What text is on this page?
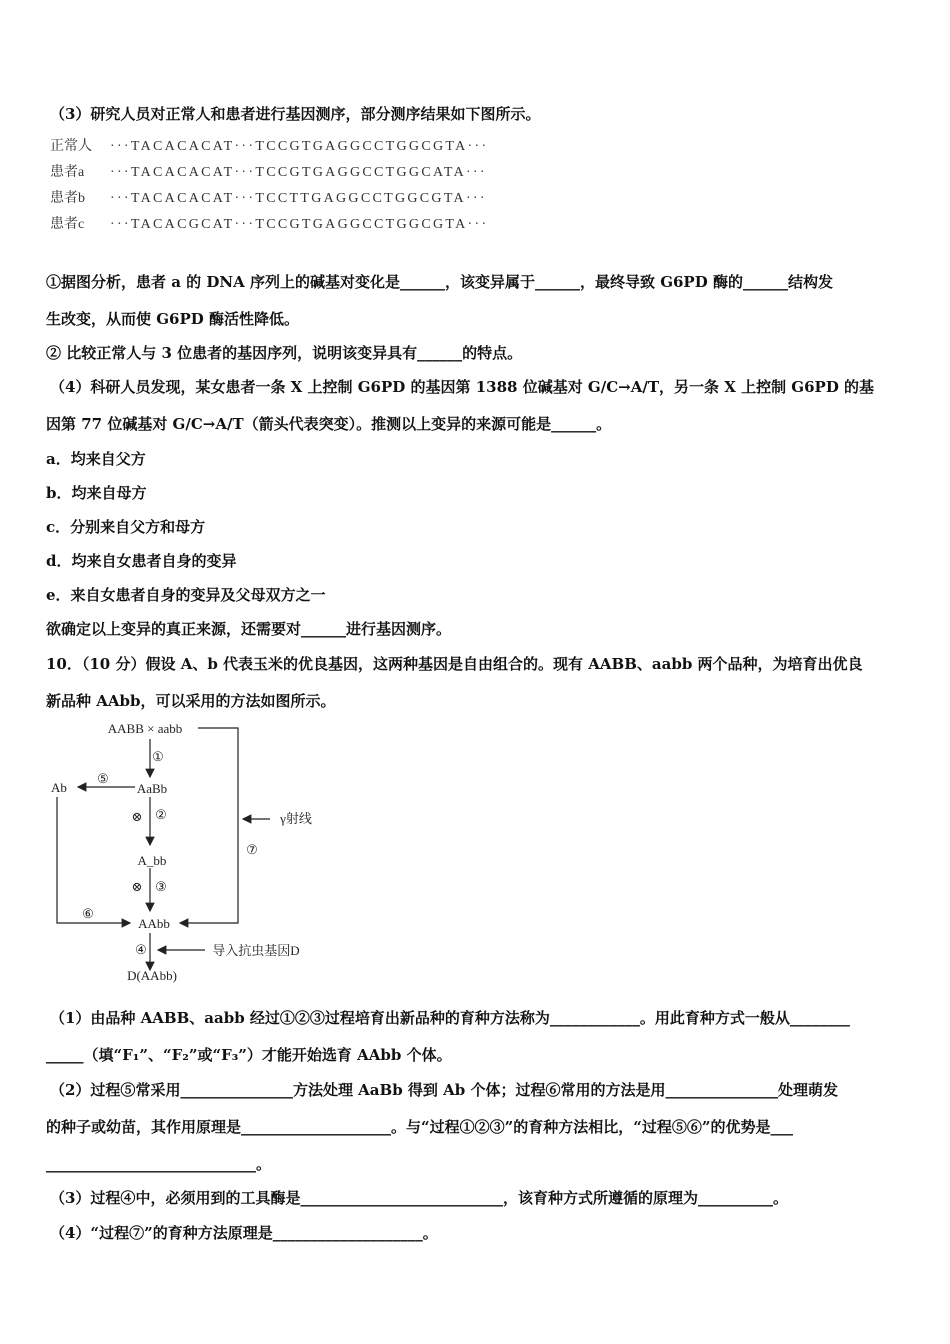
（3）研究人员对正常人和患者进行基因测序，部分测序结果如下图所示。
正常人 ···TACACACAT···TCCGTGAGGCCTGGCGTA···
患者a ···TACACACAT···TCCGTGAGGCCTGGCATA···
患者b ···TACACACAT···TCCTTGAGGCCTGGCGTA···
患者c ···TACACGCAT···TCCGTGAGGCCTGGCGTA···
①据图分析，患者 a 的 DNA 序列上的碱基对变化是______，该变异属于______，最终导致 G6PD 酶的______结构发
生改变，从而使 G6PD 酶活性降低。
② 比较正常人与 3 位患者的基因序列，说明该变异具有______的特点。
（4）科研人员发现，某女患者一条 X 上控制 G6PD 的基因第 1388 位碱基对 G/C→A/T，另一条 X 上控制 G6PD 的基
因第 77 位碱基对 G/C→A/T（箭头代表突变）。推测以上变异的来源可能是______。
a．均来自父方
b．均来自母方
c．分别来自父方和母方
d．均来自女患者自身的变异
e．来自女患者自身的变异及父母双方之一
欲确定以上变异的真正来源，还需要对______进行基因测序。
10．（10 分）假设 A、b 代表玉米的优良基因，这两种基因是自由组合的。现有 AABB、aabb 两个品种，为培育出优良
新品种 AAbb，可以采用的方法如图所示。
AABB × aabb
①
⑤
Ab	AaBb
⊗ ②	γ射线
⑦
A_bb
⊗ ③
⑥
AAbb
④	导入抗虫基因D
D(AAbb)
（1）由品种 AABB、aabb 经过①②③过程培育出新品种的育种方法称为____________。用此育种方式一般从________
_____（填“F₁”、“F₂”或“F₃”）才能开始选育 AAbb 个体。
（2）过程⑤常采用_______________方法处理 AaBb 得到 Ab 个体；过程⑥常用的方法是用_______________处理萌发
的种子或幼苗，其作用原理是____________________。与“过程①②③”的育种方法相比，“过程⑤⑥”的优势是___
____________________________。
（3）过程④中，必须用到的工具酶是___________________________，该育种方式所遵循的原理为__________。
（4）“过程⑦”的育种方法原理是____________________。
